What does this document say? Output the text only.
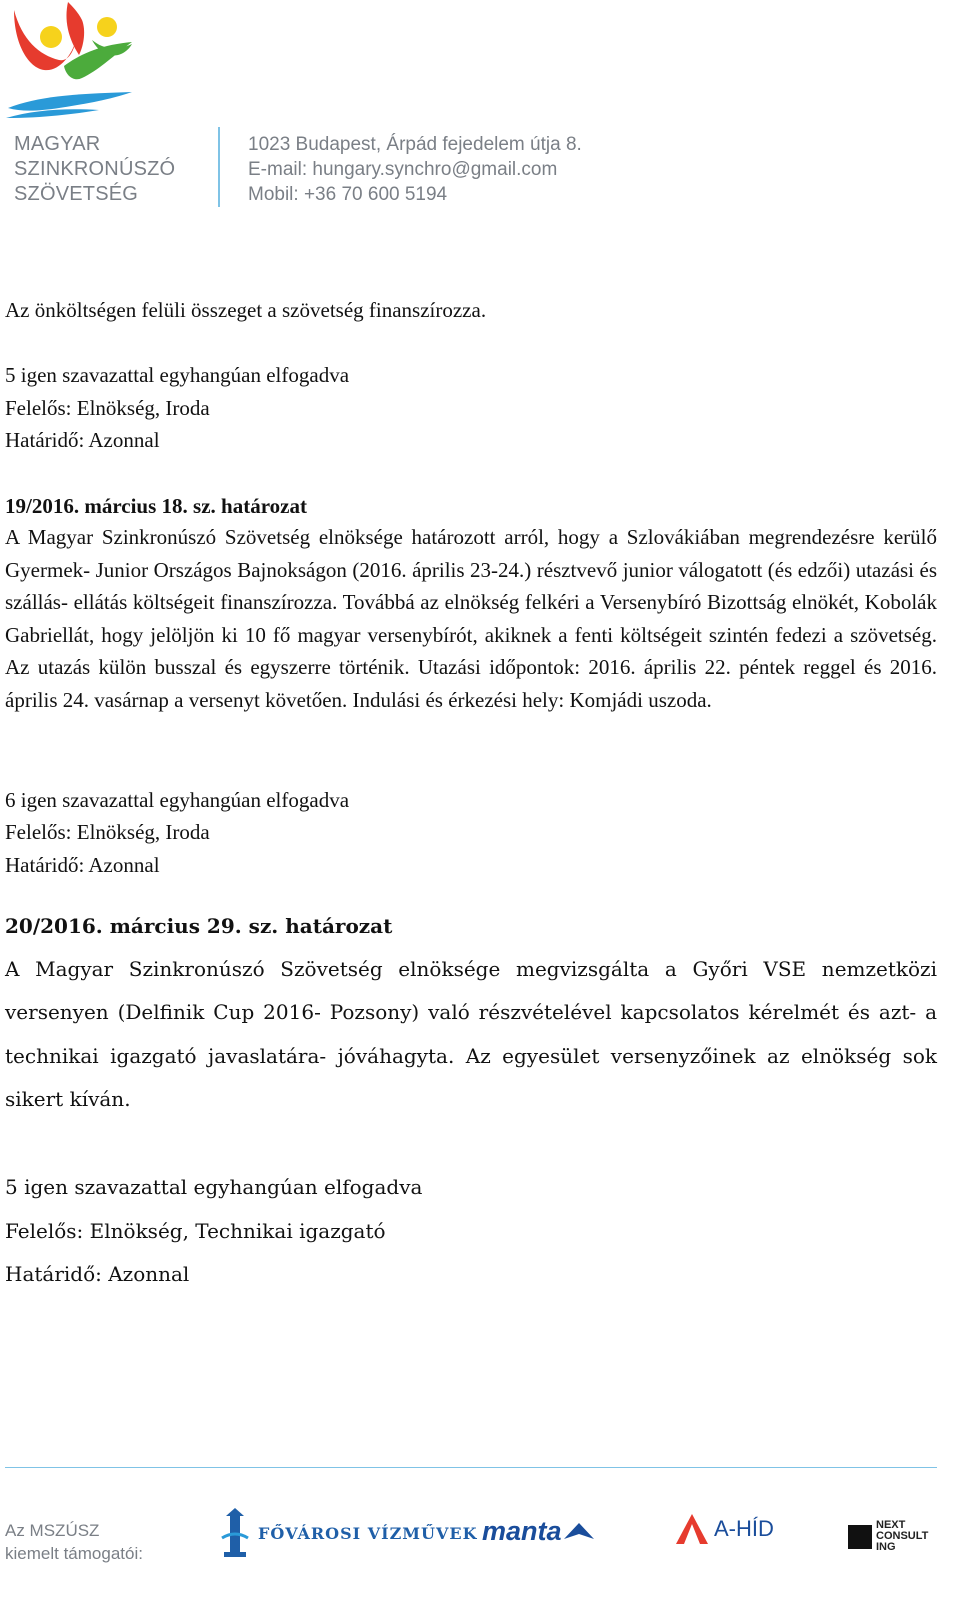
MAGYAR
SZINKRONÚSZÓ
SZÖVETSÉG
1023 Budapest, Árpád fejedelem útja 8.
E-mail: hungary.synchro@gmail.com
Mobil: +36 70 600 5194
Az önköltségen felüli összeget a szövetség finanszírozza.
5 igen szavazattal egyhangúan elfogadva
Felelős: Elnökség, Iroda
Határidő: Azonnal
19/2016. március 18. sz. határozat
A Magyar Szinkronúszó Szövetség elnöksége határozott arról, hogy a Szlovákiában megrendezésre kerülő Gyermek- Junior Országos Bajnokságon (2016. április 23-24.) résztvevő junior válogatott (és edzői) utazási és szállás- ellátás költségeit finanszírozza. Továbbá az elnökség felkéri a Versenybíró Bizottság elnökét, Kobolák Gabriellát, hogy jelöljön ki 10 fő magyar versenybírót, akiknek a fenti költségeit szintén fedezi a szövetség. Az utazás külön busszal és egyszerre történik. Utazási időpontok: 2016. április 22. péntek reggel és 2016. április 24. vasárnap a versenyt követően. Indulási és érkezési hely: Komjádi uszoda.
6 igen szavazattal egyhangúan elfogadva
Felelős: Elnökség, Iroda
Határidő: Azonnal
20/2016. március 29. sz. határozat
A Magyar Szinkronúszó Szövetség elnöksége megvizsgálta a Győri VSE nemzetközi versenyen (Delfinik Cup 2016- Pozsony) való részvételével kapcsolatos kérelmét és azt- a technikai igazgató javaslatára- jóváhagyta. Az egyesület versenyzőinek az elnökség sok sikert kíván.
5 igen szavazattal egyhangúan elfogadva
Felelős: Elnökség, Technikai igazgató
Határidő: Azonnal
Az MSZÚSZ
kiemelt támogatói:
FŐVÁROSI VÍZMŰVEK manta	A-HÍD	NEXT
CONSULT
ING
